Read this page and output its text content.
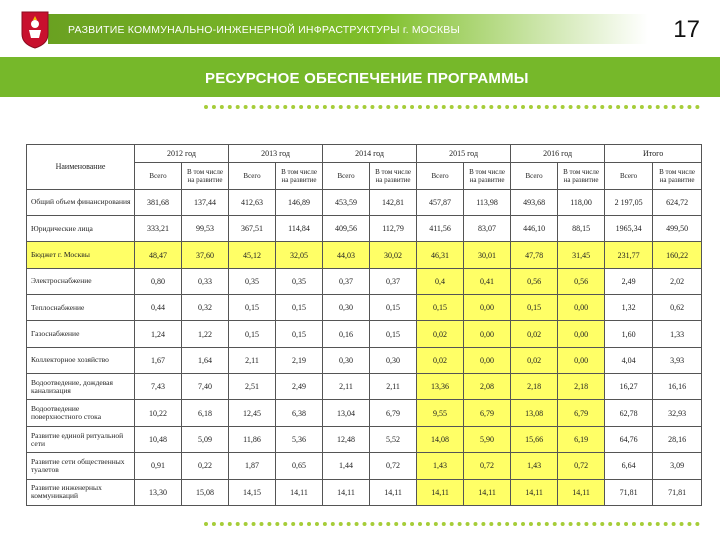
РАЗВИТИЕ КОММУНАЛЬНО-ИНЖЕНЕРНОЙ ИНФРАСТРУКТУРЫ г. МОСКВЫ	17
РЕСУРСНОЕ ОБЕСПЕЧЕНИЕ ПРОГРАММЫ
Наименование	2012 год		2013 год		2014 год		2015 год		2016 год		Итого	
	Всего	В том числе на развитие	Всего	В том числе на развитие	Всего	В том числе на развитие	Всего	В том числе на развитие	Всего	В том числе на развитие	Всего	В том числе на развитие
Общий объем финансирования	381,68	137,44	412,63	146,89	453,59	142,81	457,87	113,98	493,68	118,00	2 197,05	624,72
Юридические лица	333,21	99,53	367,51	114,84	409,56	112,79	411,56	83,07	446,10	88,15	1965,34	499,50
Бюджет г. Москвы	48,47	37,60	45,12	32,05	44,03	30,02	46,31	30,01	47,78	31,45	231,77	160,22
Электроснабжение	0,80	0,33	0,35	0,35	0,37	0,37	0,4	0,41	0,56	0,56	2,49	2,02
Теплоснабжение	0,44	0,32	0,15	0,15	0,30	0,15	0,15	0,00	0,15	0,00	1,32	0,62
Газоснабжение	1,24	1,22	0,15	0,15	0,16	0,15	0,02	0,00	0,02	0,00	1,60	1,33
Коллекторное хозяйство	1,67	1,64	2,11	2,19	0,30	0,30	0,02	0,00	0,02	0,00	4,04	3,93
Водоотведение, дождевая канализация	7,43	7,40	2,51	2,49	2,11	2,11	13,36	2,08	2,18	2,18	16,27	16,16
Водоотведение поверхностного стока	10,22	6,18	12,45	6,38	13,04	6,79	9,55	6,79	13,08	6,79	62,78	32,93
Развитие единой ритуальной сети	10,48	5,09	11,86	5,36	12,48	5,52	14,08	5,90	15,66	6,19	64,76	28,16
Развитие сети общественных туалетов	0,91	0,22	1,87	0,65	1,44	0,72	1,43	0,72	1,43	0,72	6,64	3,09
Развитие инженерных коммуникаций	13,30	15,08	14,15	14,11	14,11	14,11	14,11	14,11	14,11	14,11	71,81	71,81
